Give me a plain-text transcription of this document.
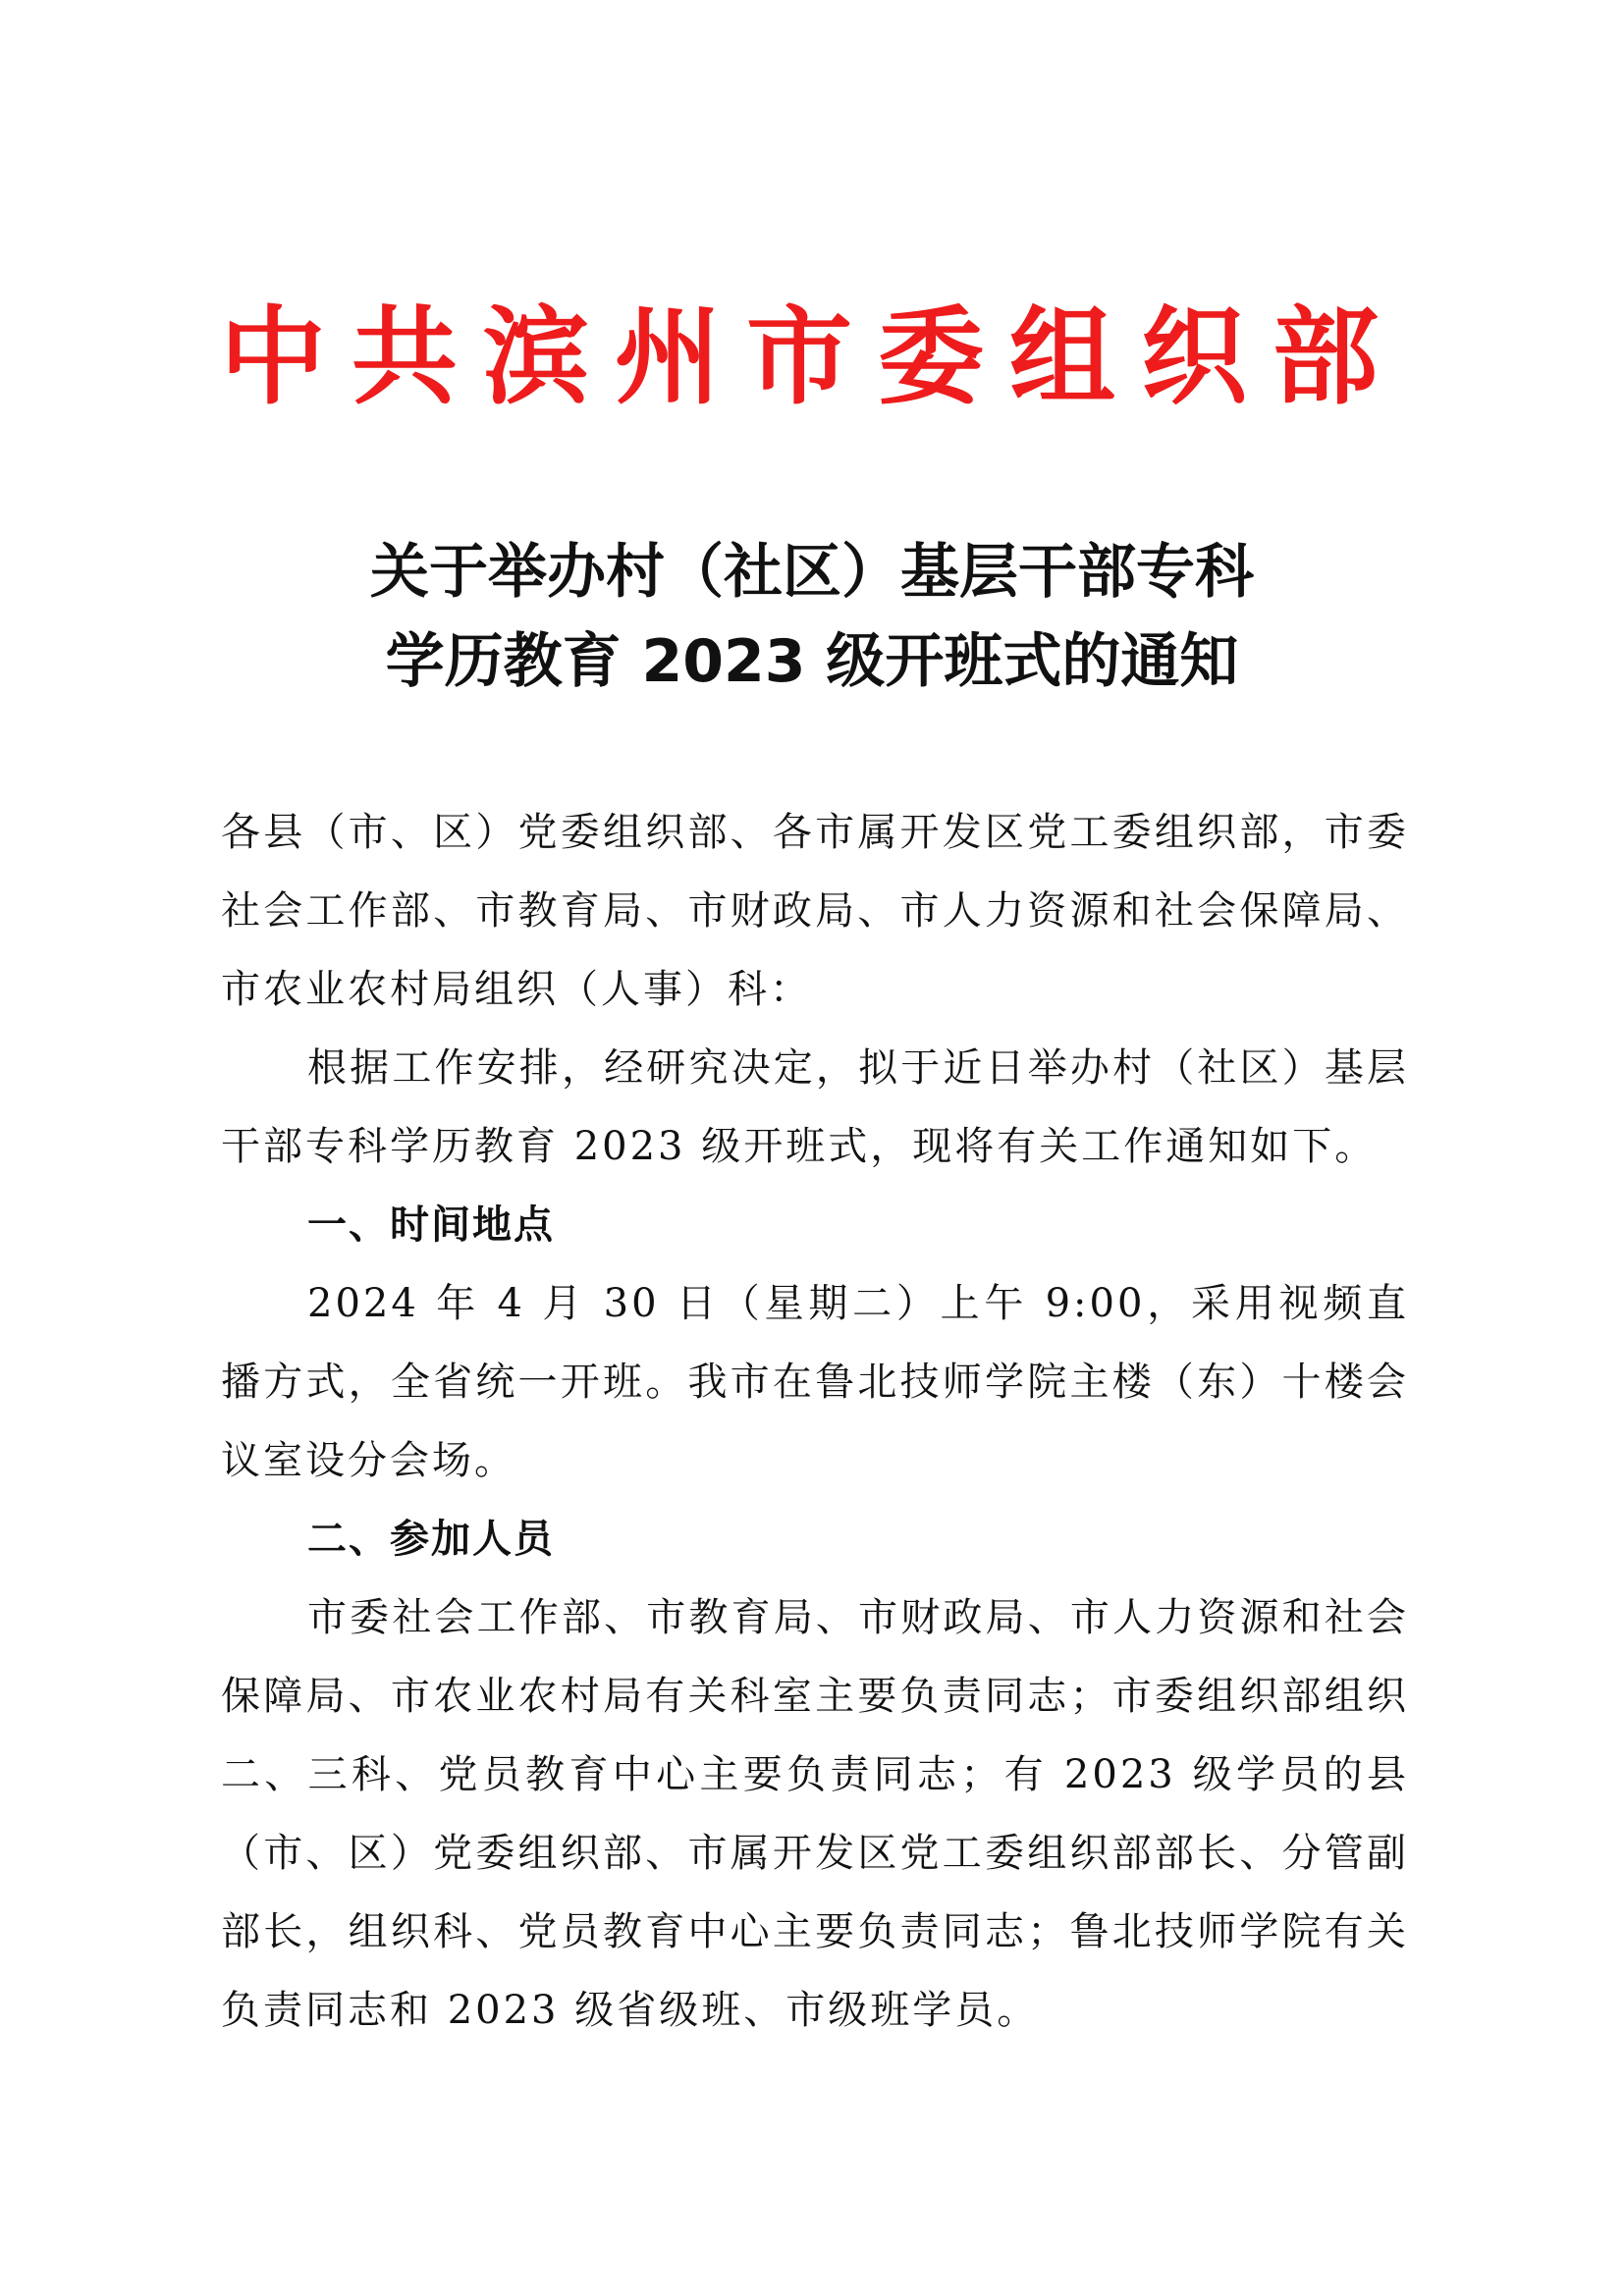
中共滨州市委组织部
关于举办村（社区）基层干部专科
学历教育 2023 级开班式的通知

各县（市、区）党委组织部、各市属开发区党工委组织部，市委社会工作部、市教育局、市财政局、市人力资源和社会保障局、市农业农村局组织（人事）科：

根据工作安排，经研究决定，拟于近日举办村（社区）基层干部专科学历教育 2023 级开班式，现将有关工作通知如下。

一、时间地点

2024 年 4 月 30 日（星期二）上午 9:00，采用视频直播方式，全省统一开班。我市在鲁北技师学院主楼（东）十楼会议室设分会场。

二、参加人员

市委社会工作部、市教育局、市财政局、市人力资源和社会保障局、市农业农村局有关科室主要负责同志；市委组织部组织二、三科、党员教育中心主要负责同志；有 2023 级学员的县（市、区）党委组织部、市属开发区党工委组织部部长、分管副部长，组织科、党员教育中心主要负责同志；鲁北技师学院有关负责同志和 2023 级省级班、市级班学员。
